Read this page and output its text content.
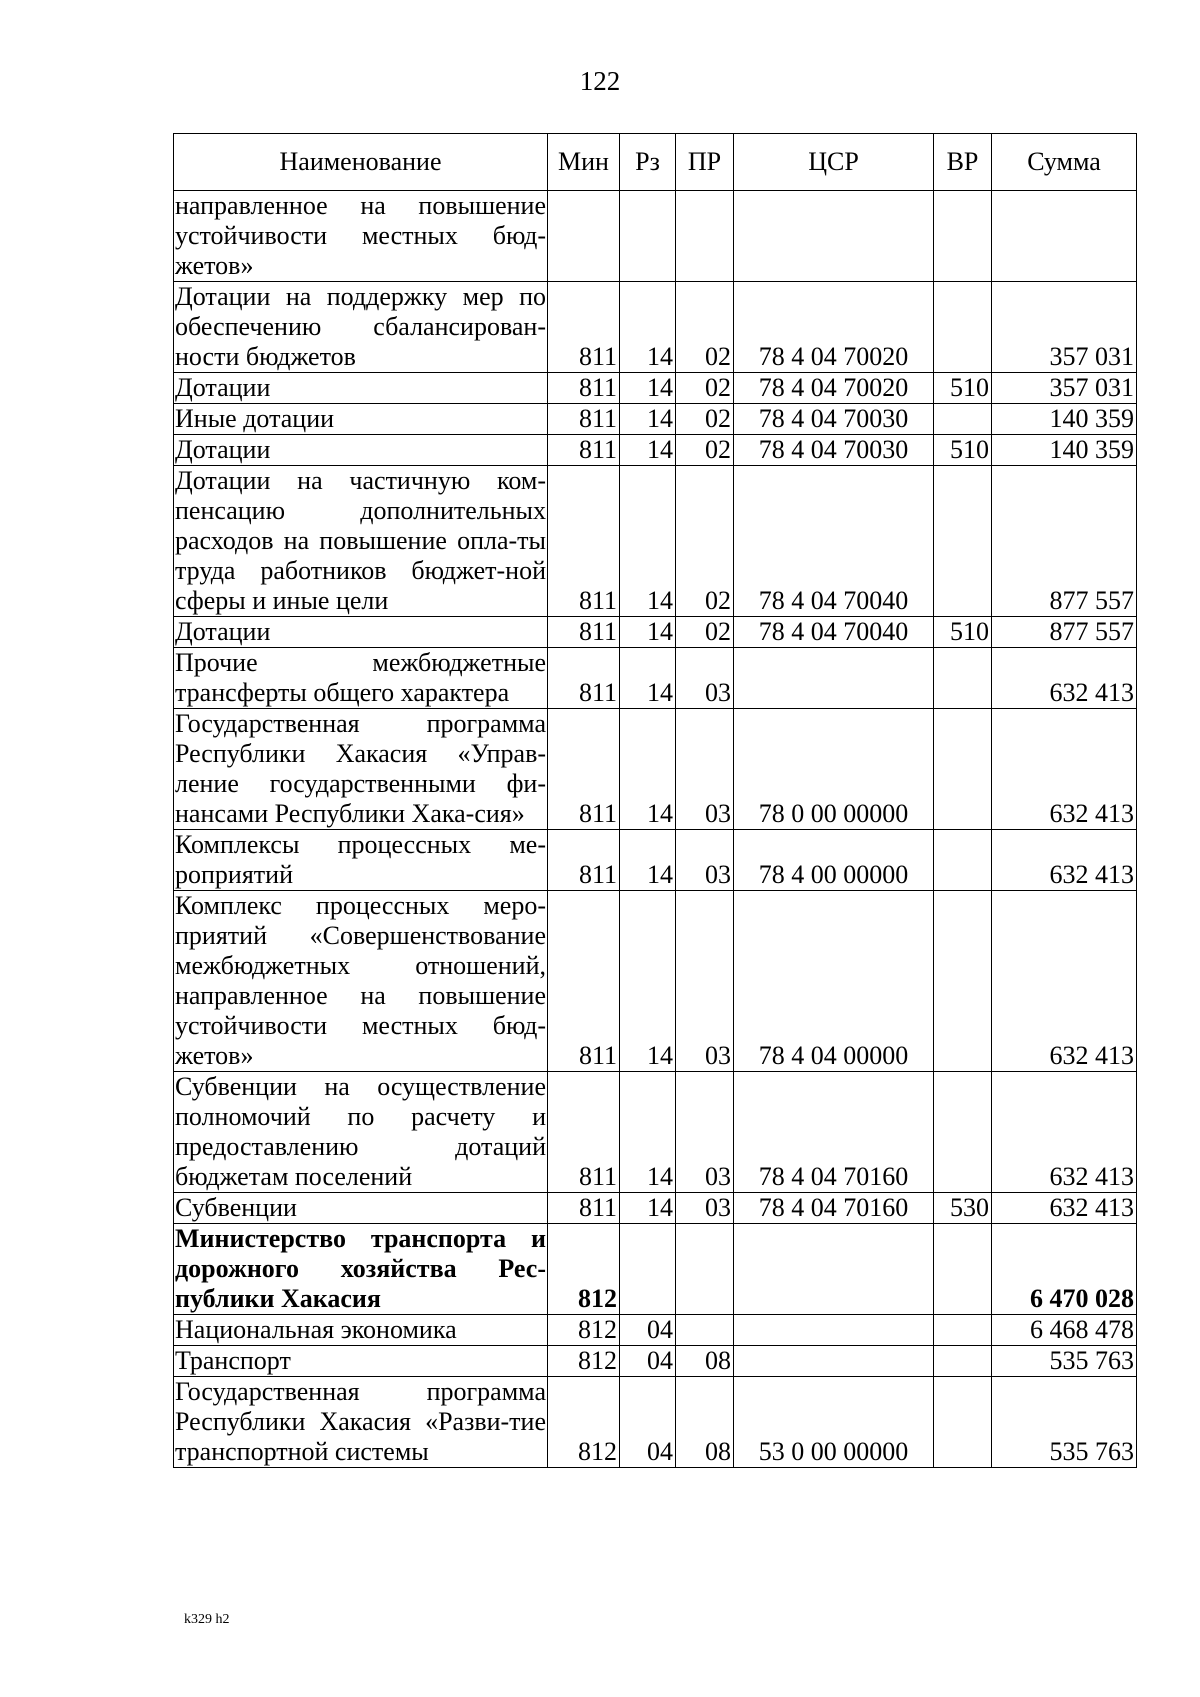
122
Наименование	Мин	Рз	ПР	ЦСР	ВР	Сумма
направленное на повышение устойчивости местных бюд-жетов»						
Дотации на поддержку мер по обеспечению сбалансирован-ности бюджетов	811	14	02	78 4 04 70020		357 031
Дотации	811	14	02	78 4 04 70020	510	357 031
Иные дотации	811	14	02	78 4 04 70030		140 359
Дотации	811	14	02	78 4 04 70030	510	140 359
Дотации на частичную ком-пенсацию дополнительных расходов на повышение опла-ты труда работников бюджет-ной сферы и иные цели	811	14	02	78 4 04 70040		877 557
Дотации	811	14	02	78 4 04 70040	510	877 557
Прочие межбюджетные трансферты общего характера	811	14	03			632 413
Государственная программа Республики Хакасия «Управ-ление государственными фи-нансами Республики Хака-сия»	811	14	03	78 0 00 00000		632 413
Комплексы процессных ме-роприятий	811	14	03	78 4 00 00000		632 413
Комплекс процессных меро-приятий «Совершенствование межбюджетных отношений, направленное на повышение устойчивости местных бюд-жетов»	811	14	03	78 4 04 00000		632 413
Субвенции на осуществление полномочий по расчету и предоставлению дотаций бюджетам поселений	811	14	03	78 4 04 70160		632 413
Субвенции	811	14	03	78 4 04 70160	530	632 413
Министерство транспорта и дорожного хозяйства Рес-публики Хакасия	812					6 470 028
Национальная экономика	812	04				6 468 478
Транспорт	812	04	08			535 763
Государственная программа Республики Хакасия «Разви-тие транспортной системы	812	04	08	53 0 00 00000		535 763
k329 h2
